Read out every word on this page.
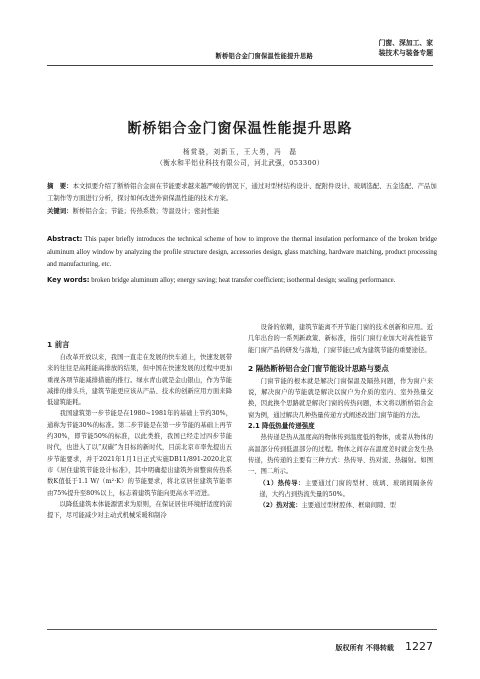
断桥铝合金门窗保温性能提升思路
门窗、深加工、家
装技术与装备专题
断桥铝合金门窗保温性能提升思路
杨赏骁，刘新玉，王大勇，冯　磊
（衡水和平铝业科技有限公司，河北武强，053300）
摘　要：本文拟要介绍了断桥铝合金窗在节能要求越来越严峻的情况下，通过对型材结构设计、配附件设计、玻璃选配、五金选配、产品加工制作等方面进行分析，探讨如何改进外窗保温性能的技术方案。
关键词：断桥铝合金；节能；传热系数；等温设计；密封性能
Abstract: This paper briefly introduces the technical scheme of how to improve the thermal insulation performance of the broken bridge aluminum alloy window by analyzing the profile structure design, accessories design, glass matching, hardware matching, product processing and manufacturing, etc.
Key words: broken bridge aluminum alloy; energy saving; heat transfer coefficient; isothermal design; sealing performance.
1 前言

自改革开放以来，我国一直走在发展的快车道上，快速发展带来的往往是高耗能高排放的结果，但中国在快速发展的过程中更加重视各项节能减排措施的推行。绿水青山就是金山银山，作为节能减排的排头兵，建筑节能更应该从产品、技术的创新应用方面来降低建筑能耗。

我国建筑第一步节能是在1980~1981年的基础上节约30%，通称为节能30%的标准。第二步节能是在第一步节能的基础上再节约30%，即节能50%的标准，以此类推，我国已经走过四步节能时代，也进入了以“双碳”为目标的新时代，目前北京市率先提出五步节能要求，并于2021年1月1日正式实施DB11/891-2020北京市《居住建筑节能设计标准》，其中明确提出建筑外窗整窗传热系数K值低于1.1 W/（m²·K）的节能要求，将北京居住建筑节能率由75%提升至80%以上，标志着建筑节能向更高水平迈进。

以降低建筑本体能源需求为原则，在保证居住环境舒适度的前提下，尽可能减少对主动式机械采暖和制冷

设备的依赖，建筑节能离不开节能门窗的技术创新和应用。近几年出台的一系列新政策、新标准，指引门窗行业加大对高性能节能门窗产品的研发与落地，门窗节能已成为建筑节能的重要途径。

2 隔热断桥铝合金门窗节能设计思路与要点

门窗节能的根本就是解决门窗保温及隔热问题，作为窗户来说，解决窗户的节能就是解决以窗户为介质的室内、室外热量交换，因此换个思路就是解决门窗的传热问题，本文将以断桥铝合金窗为例，通过解决几种热量传递方式阐述改进门窗节能的方法。

2.1 降低热量传递强度

热传递是热从温度高的物体传到温度低的物体，或者从物体的高温部分传到低温部分的过程。物体之间存在温度差时就会发生热传递，热传递的主要有三种方式：热传导、热对流、热辐射。如图一、图二所示。

（1）热传导：主要通过门窗的型材、玻璃、玻璃间隔条传递，大约占到热流失量的50%。

（2）热对流：主要通过型材腔体、框扇间隙、型

版权所有 不得转载 1227
